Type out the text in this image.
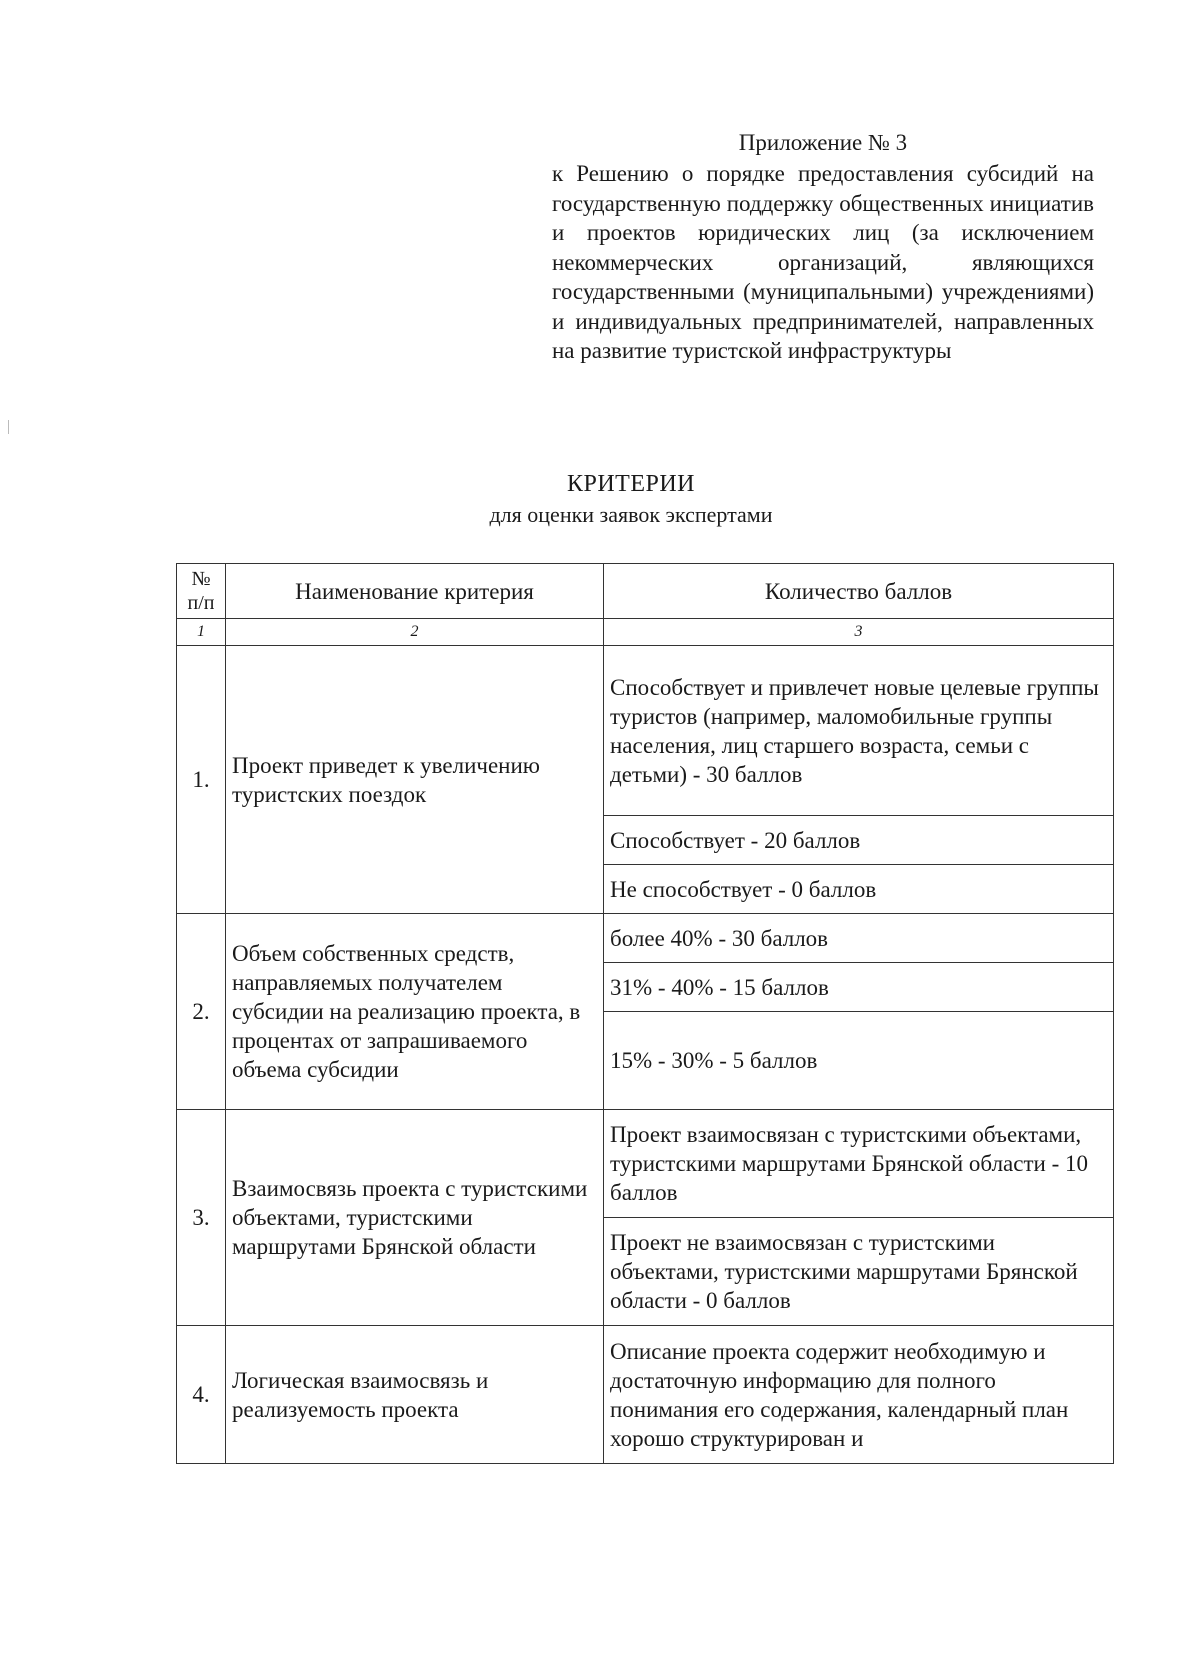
Приложение № 3
к Решению о порядке предоставления субсидий на государственную поддержку общественных инициатив и проектов юридических лиц (за исключением некоммерческих организаций, являющихся государственными (муниципальными) учреждениями) и индивидуальных предпринимателей, направленных на развитие туристской инфраструктуры
КРИТЕРИИ
для оценки заявок экспертами
№ п/п	Наименование критерия	Количество баллов
1	2	3
1.	Проект приведет к увеличению туристских поездок	Способствует и привлечет новые целевые группы туристов (например, маломобильные группы населения, лиц старшего возраста, семьи с детьми) - 30 баллов
		Способствует - 20 баллов
		Не способствует - 0 баллов
2.	Объем собственных средств, направляемых получателем субсидии на реализацию проекта, в процентах от запрашиваемого объема субсидии	более 40% - 30 баллов
		31% - 40% - 15 баллов
		15% - 30% - 5 баллов
3.	Взаимосвязь проекта с туристскими объектами, туристскими маршрутами Брянской области	Проект взаимосвязан с туристскими объектами, туристскими маршрутами Брянской области - 10 баллов
		Проект не взаимосвязан с туристскими объектами, туристскими маршрутами Брянской области - 0 баллов
4.	Логическая взаимосвязь и реализуемость проекта	Описание проекта содержит необходимую и достаточную информацию для полного понимания его содержания, календарный план хорошо структурирован и
